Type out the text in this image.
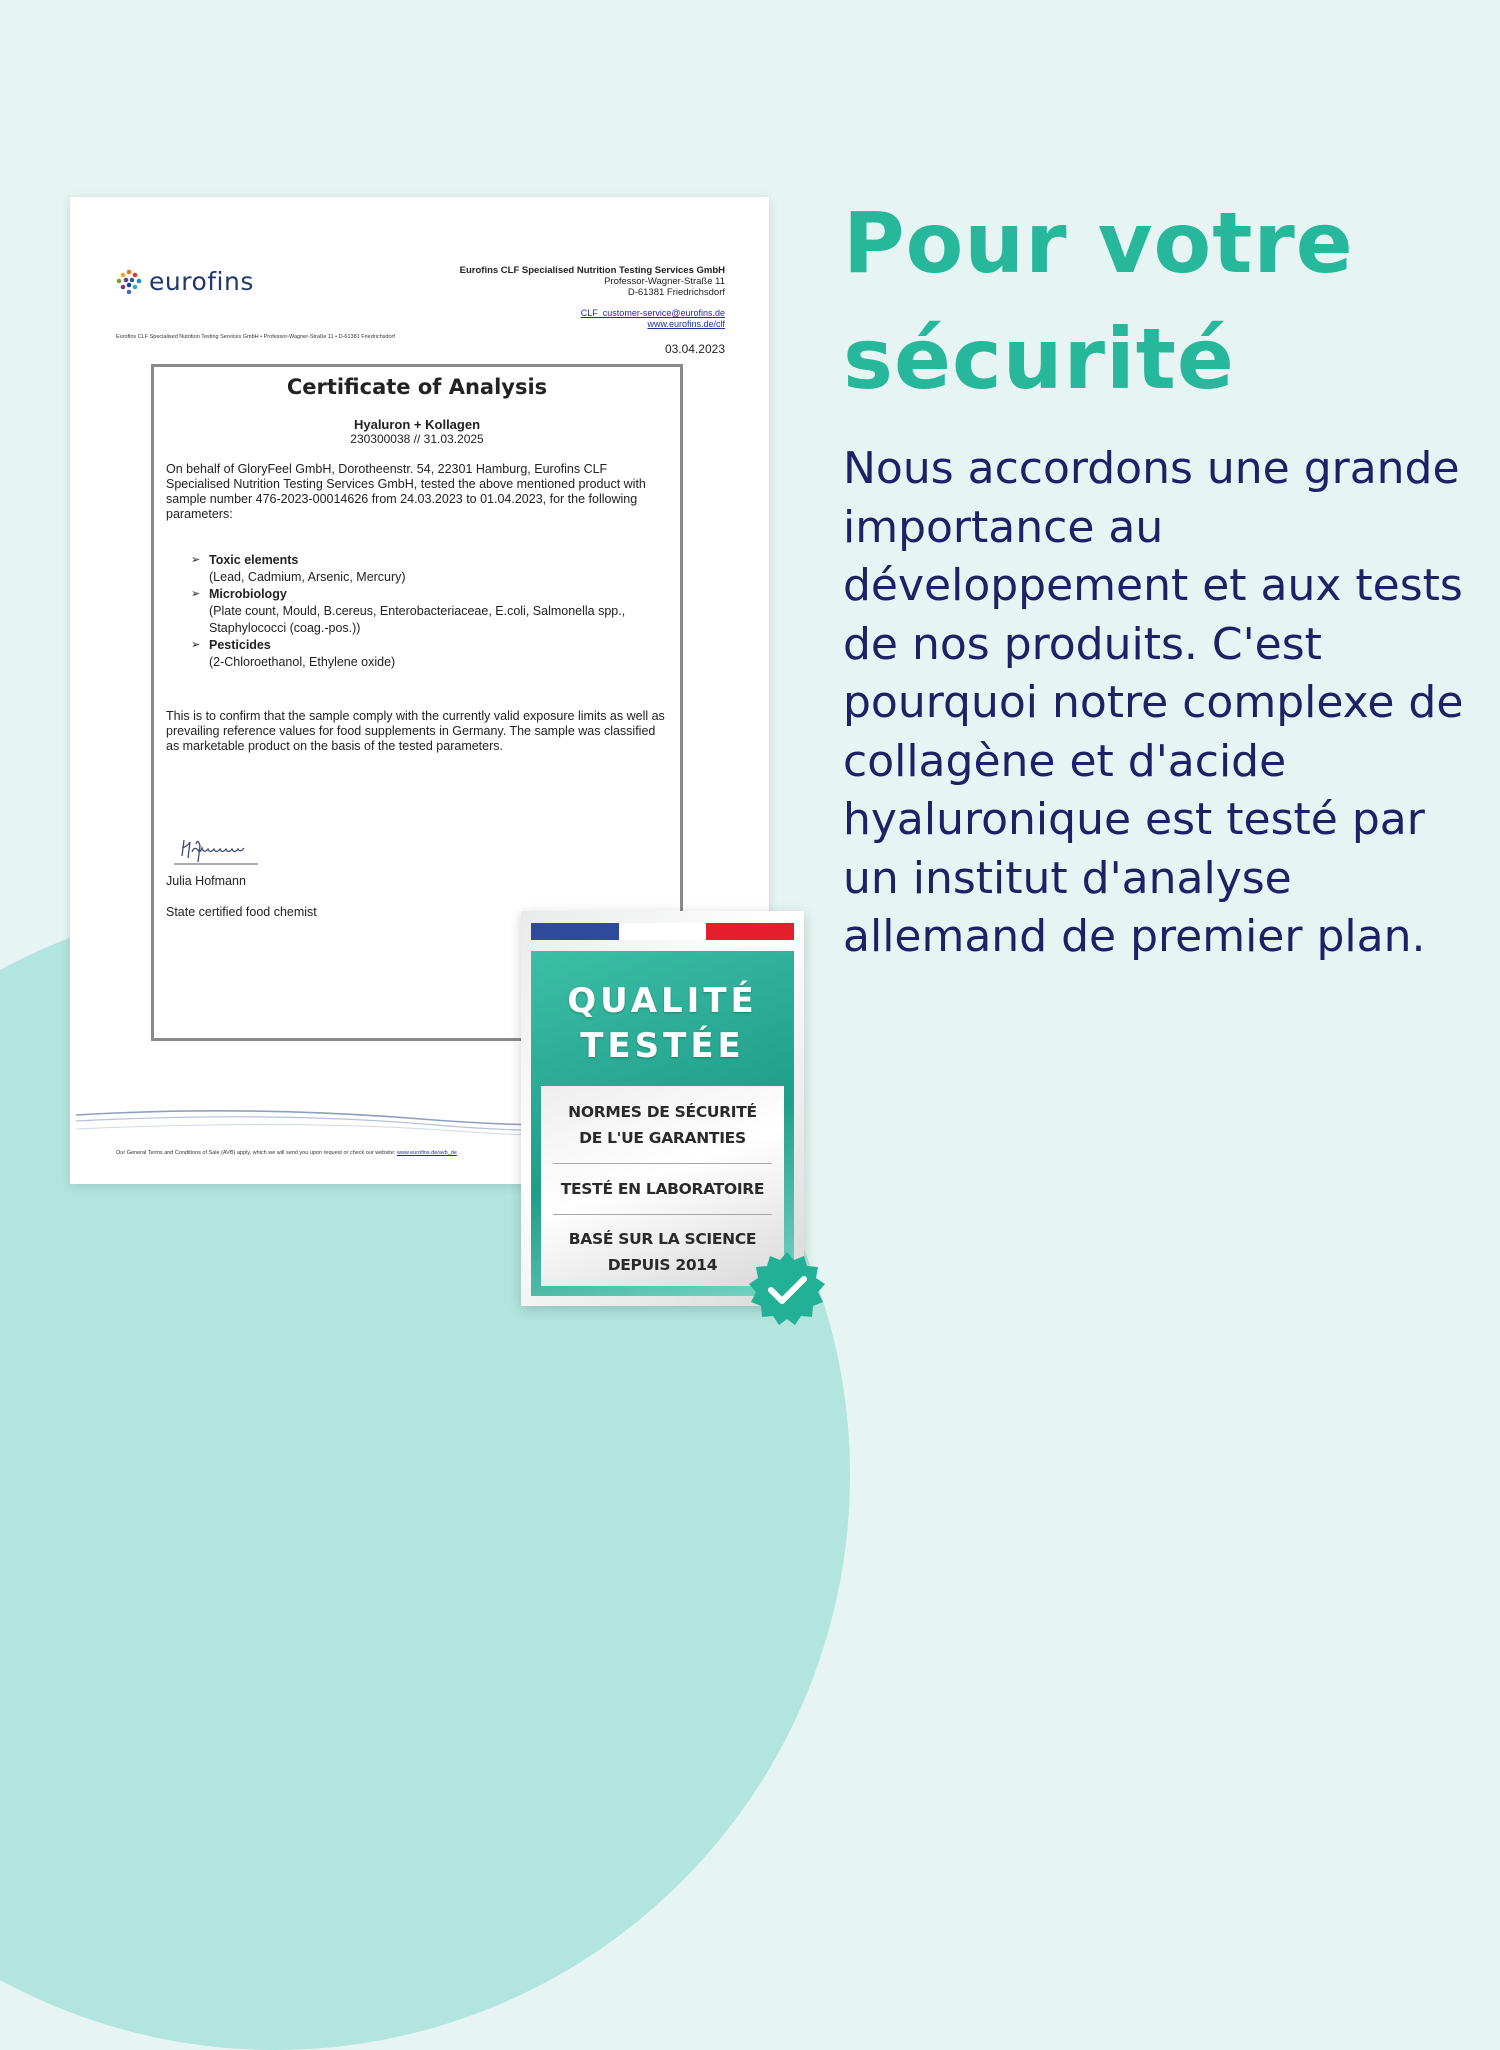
eurofins	Eurofins CLF Specialised Nutrition Testing Services GmbH
Professor-Wagner-Straße 11
D-61381 Friedrichsdorf
CLF_customer-service@eurofins.de
www.eurofins.de/clf
Eurofins CLF Specialised Nutrition Testing Services GmbH • Professor-Wagner-Straße 11 • D-61381 Friedrichsdorf
03.04.2023
Certificate of Analysis
Hyaluron + Kollagen
230300038 // 31.03.2025

On behalf of GloryFeel GmbH, Dorotheenstr. 54, 22301 Hamburg, Eurofins CLF Specialised Nutrition Testing Services GmbH, tested the above mentioned product with sample number 476-2023-00014626 from 24.03.2023 to 01.04.2023, for the following parameters:

➢ Toxic elements
(Lead, Cadmium, Arsenic, Mercury)
➢ Microbiology
(Plate count, Mould, B.cereus, Enterobacteriaceae, E.coli, Salmonella spp.,
Staphylococci (coag.-pos.))
➢ Pesticides
(2-Chloroethanol, Ethylene oxide)

This is to confirm that the sample comply with the currently valid exposure limits as well as prevailing reference values for food supplements in Germany. The sample was classified as marketable product on the basis of the tested parameters.

Julia Hofmann
State certified food chemist
Our General Terms and Conditions of Sale (AVB) apply, which we will send you upon request or check our website: www.eurofins.de/avb_de
Pour votre
sécurité

Nous accordons une grande importance au développement et aux tests de nos produits. C'est pourquoi notre complexe de collagène et d'acide hyaluronique est testé par un institut d'analyse allemand de premier plan.

QUALITÉ
TESTÉE
NORMES DE SÉCURITÉ
DE L'UE GARANTIES
TESTÉ EN LABORATOIRE
BASÉ SUR LA SCIENCE
DEPUIS 2014
